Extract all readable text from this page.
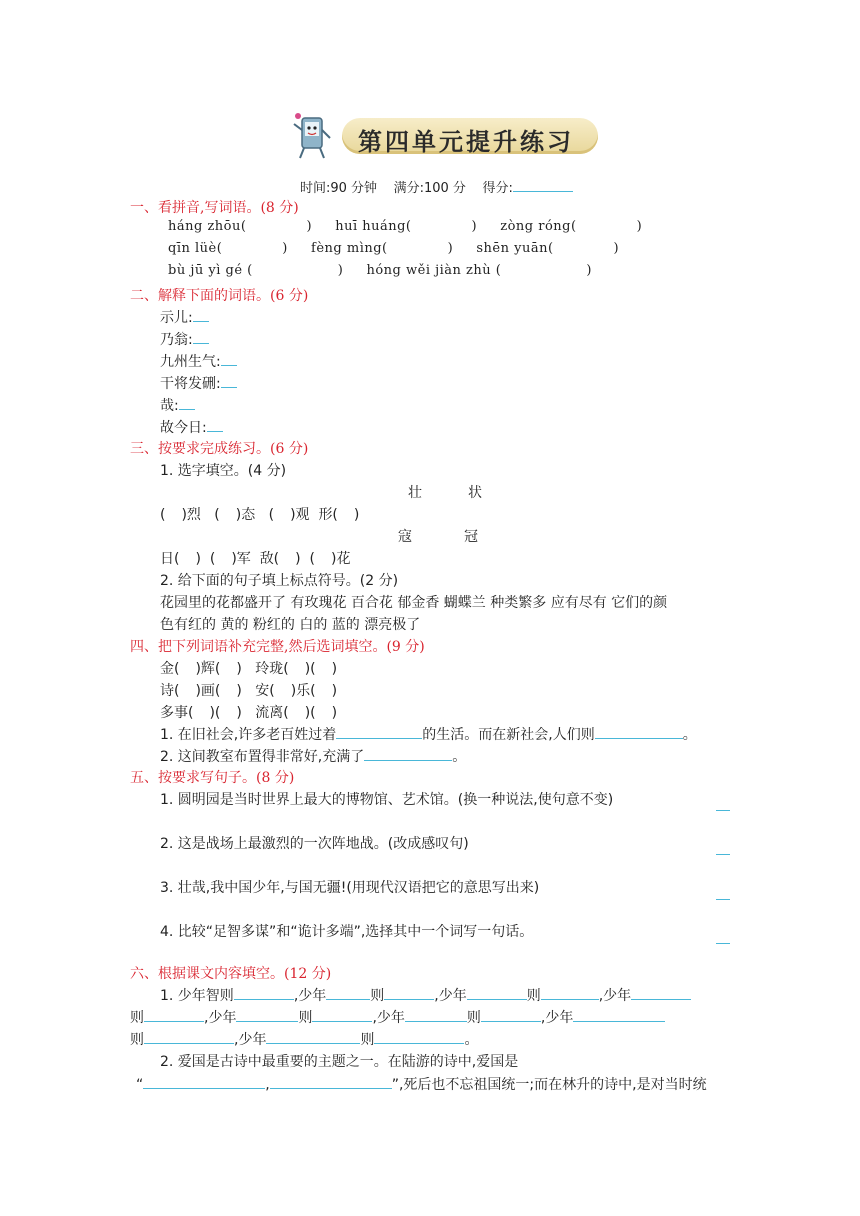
第四单元提升练习
时间:90 分钟 满分:100 分 得分:
一、看拼音,写词语。(8 分)
háng zhōu(	) huī huáng(	) zòng róng(	)
qīn lüè(	) fèng mìng(	) shēn yuān(	)
bù jū yì gé (	) hóng wěi jiàn zhù (	)
二、解释下面的词语。(6 分)
示儿:
乃翁:
九州生气:
干将发硎:
哉:
故今日:
三、按要求完成练习。(6 分)
1. 选字填空。(4 分)
壮	状
( )烈 ( )态 ( )观 形( )
寇	冠
日( ) ( )军 敌( ) ( )花
2. 给下面的句子填上标点符号。(2 分)
花园里的花都盛开了 有玫瑰花 百合花 郁金香 蝴蝶兰 种类繁多 应有尽有 它们的颜
色有红的 黄的 粉红的 白的 蓝的 漂亮极了
四、把下列词语补充完整,然后选词填空。(9 分)
金( )辉( ) 玲珑( )( )
诗( )画( ) 安( )乐( )
多事( )( ) 流离( )( )
1. 在旧社会,许多老百姓过着	的生活。而在新社会,人们则	。
2. 这间教室布置得非常好,充满了	。
五、按要求写句子。(8 分)
1. 圆明园是当时世界上最大的博物馆、艺术馆。(换一种说法,使句意不变)
2. 这是战场上最激烈的一次阵地战。(改成感叹句)
3. 壮哉,我中国少年,与国无疆!(用现代汉语把它的意思写出来)
4. 比较“足智多谋”和“诡计多端”,选择其中一个词写一句话。
六、根据课文内容填空。(12 分)
1. 少年智则	,少年	则	,少年	则	,少年
则	,少年	则	,少年	则	,少年
则	,少年	则	。
2. 爱国是古诗中最重要的主题之一。在陆游的诗中,爱国是
“	,	”,死后也不忘祖国统一;而在林升的诗中,是对当时统
